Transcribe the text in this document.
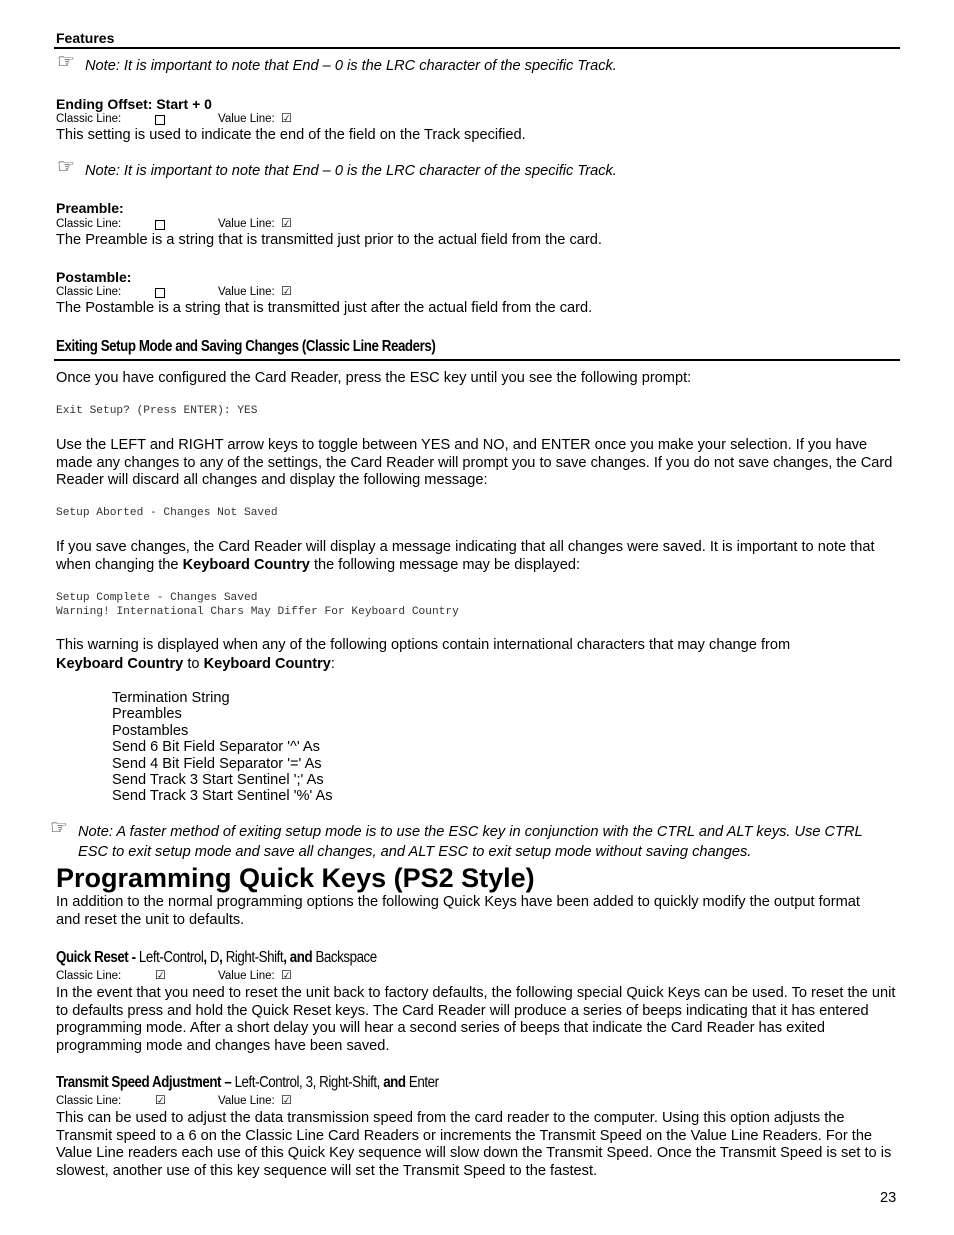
Features
☞ Note: It is important to note that End – 0 is the LRC character of the specific Track.
Ending Offset: Start + 0
Classic Line:	Value Line: ☑
This setting is used to indicate the end of the field on the Track specified.
☞ Note: It is important to note that End – 0 is the LRC character of the specific Track.
Preamble:
Classic Line:	Value Line: ☑
The Preamble is a string that is transmitted just prior to the actual field from the card.
Postamble:
Classic Line:	Value Line: ☑
The Postamble is a string that is transmitted just after the actual field from the card.
Exiting Setup Mode and Saving Changes (Classic Line Readers)
Once you have configured the Card Reader, press the ESC key until you see the following prompt:
Exit Setup? (Press ENTER): YES
Use the LEFT and RIGHT arrow keys to toggle between YES and NO, and ENTER once you make your selection. If you have made any changes to any of the settings, the Card Reader will prompt you to save changes. If you do not save changes, the Card Reader will discard all changes and display the following message:
Setup Aborted - Changes Not Saved
If you save changes, the Card Reader will display a message indicating that all changes were saved. It is important to note that when changing the Keyboard Country the following message may be displayed:
Setup Complete - Changes Saved
Warning! International Chars May Differ For Keyboard Country
This warning is displayed when any of the following options contain international characters that may change from
Keyboard Country to Keyboard Country:
Termination String
Preambles
Postambles
Send 6 Bit Field Separator '^' As
Send 4 Bit Field Separator '=' As
Send Track 3 Start Sentinel ';' As
Send Track 3 Start Sentinel '%' As
☞ Note: A faster method of exiting setup mode is to use the ESC key in conjunction with the CTRL and ALT keys. Use CTRL ESC to exit setup mode and save all changes, and ALT ESC to exit setup mode without saving changes.
Programming Quick Keys (PS2 Style)
In addition to the normal programming options the following Quick Keys have been added to quickly modify the output format and reset the unit to defaults.
Quick Reset - Left-Control, D, Right-Shift, and Backspace
Classic Line:	☑	Value Line: ☑
In the event that you need to reset the unit back to factory defaults, the following special Quick Keys can be used. To reset the unit to defaults press and hold the Quick Reset keys. The Card Reader will produce a series of beeps indicating that it has entered programming mode. After a short delay you will hear a second series of beeps that indicate the Card Reader has exited programming mode and changes have been saved.
Transmit Speed Adjustment – Left-Control, 3, Right-Shift, and Enter
Classic Line:	☑	Value Line: ☑
This can be used to adjust the data transmission speed from the card reader to the computer. Using this option adjusts the Transmit speed to a 6 on the Classic Line Card Readers or increments the Transmit Speed on the Value Line Readers. For the Value Line readers each use of this Quick Key sequence will slow down the Transmit Speed. Once the Transmit Speed is set to is slowest, another use of this key sequence will set the Transmit Speed to the fastest.
23
